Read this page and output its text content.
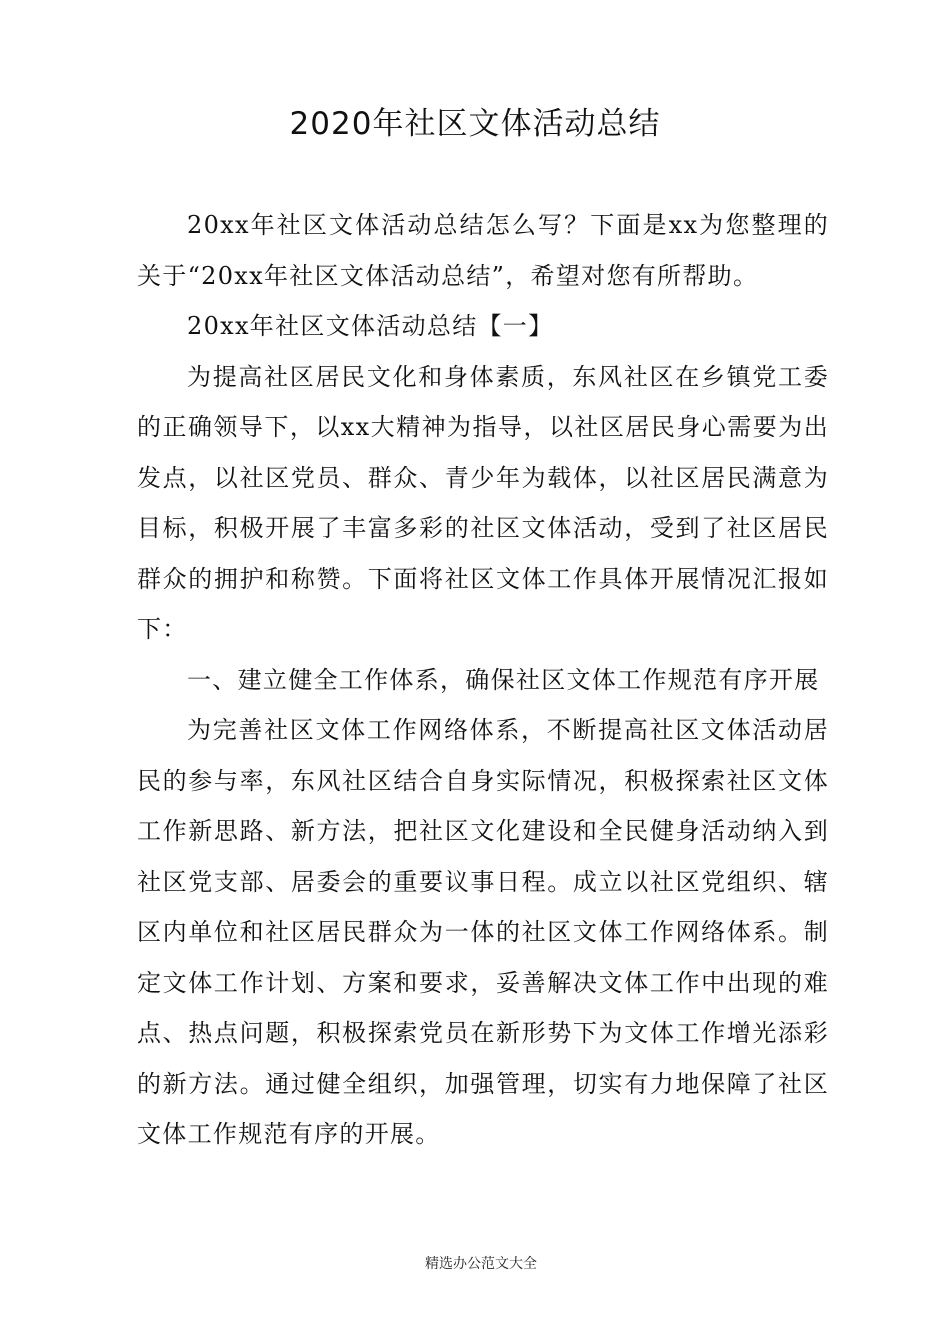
2020年社区文体活动总结

20xx年社区文体活动总结怎么写？下面是xx为您整理的关于“20xx年社区文体活动总结”，希望对您有所帮助。

20xx年社区文体活动总结【一】

为提高社区居民文化和身体素质，东风社区在乡镇党工委的正确领导下，以xx大精神为指导，以社区居民身心需要为出发点，以社区党员、群众、青少年为载体，以社区居民满意为目标，积极开展了丰富多彩的社区文体活动，受到了社区居民群众的拥护和称赞。下面将社区文体工作具体开展情况汇报如下：

一、建立健全工作体系，确保社区文体工作规范有序开展

为完善社区文体工作网络体系，不断提高社区文体活动居民的参与率，东风社区结合自身实际情况，积极探索社区文体工作新思路、新方法，把社区文化建设和全民健身活动纳入到社区党支部、居委会的重要议事日程。成立以社区党组织、辖区内单位和社区居民群众为一体的社区文体工作网络体系。制定文体工作计划、方案和要求，妥善解决文体工作中出现的难点、热点问题，积极探索党员在新形势下为文体工作增光添彩的新方法。通过健全组织，加强管理，切实有力地保障了社区文体工作规范有序的开展。

精选办公范文大全
